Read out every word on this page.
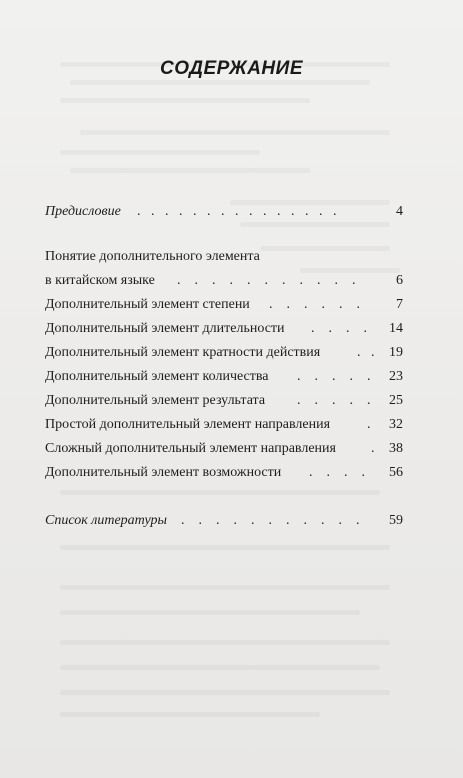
СОДЕРЖАНИЕ
Предисловие .   .   .   .   .   .   .   .   .   .   .   .   .   .   .	4
Понятие дополнительного элемента
в китайском языке .    .    .    .    .    .    .    .    .    .    .	6
Дополнительный элемент степени .    .    .    .    .    .	7
Дополнительный элемент длительности .    .    .    . 14
Дополнительный элемент кратности действия	.   . 19
Дополнительный элемент количества .    .    .    .    . 23
Дополнительный элемент результата .    .    .    .    . 25
Простой дополнительный элемент направления	. 32
Сложный дополнительный элемент направления	. 38
Дополнительный элемент возможности .    .    .    . 56
Список литературы .    .    .    .    .    .    .    .    .    .    . 59
